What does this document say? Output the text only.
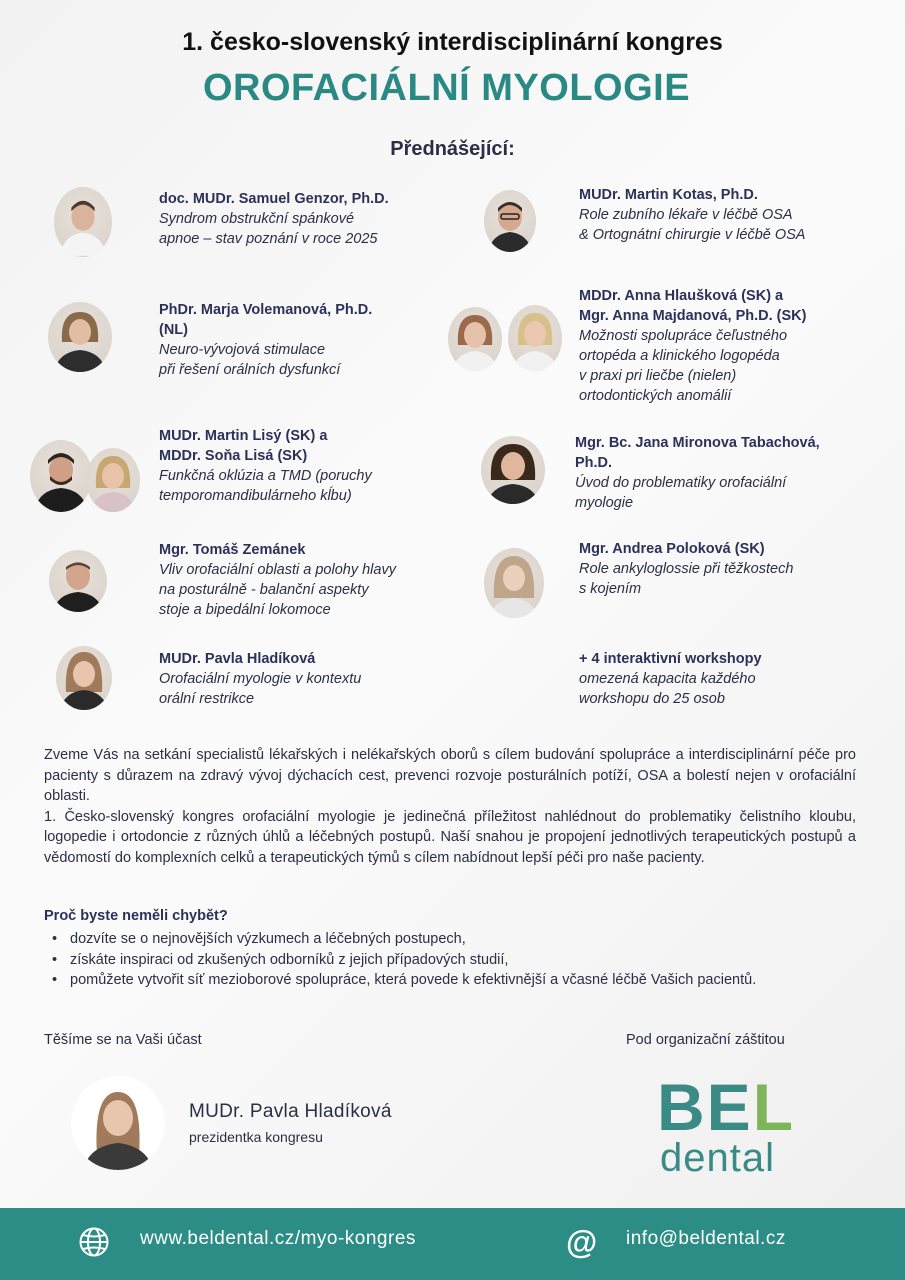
1. česko-slovenský interdisciplinární kongres
OROFACIÁLNÍ MYOLOGIE
Přednášející:
doc. MUDr. Samuel Genzor, Ph.D.
Syndrom obstrukční spánkové
apnoe – stav poznání v roce 2025
MUDr. Martin Kotas, Ph.D.
Role zubního lékaře v léčbě OSA
& Ortognátní chirurgie v léčbě OSA
PhDr. Marja Volemanová, Ph.D.
(NL)
Neuro-vývojová stimulace
při řešení orálních dysfunkcí
MDDr. Anna Hlaušková (SK) a
Mgr. Anna Majdanová, Ph.D. (SK)
Možnosti spolupráce čeľustného
ortopéda a klinického logopéda
v praxi pri liečbe (nielen)
ortodontických anomálií
MUDr. Martin Lisý (SK) a
MDDr. Soňa Lisá (SK)
Funkčná oklúzia a TMD (poruchy
temporomandibulárneho kĺbu)
Mgr. Bc. Jana Mironova Tabachová,
Ph.D.
Úvod do problematiky orofaciální
myologie
Mgr. Tomáš Zemánek
Vliv orofaciální oblasti a polohy hlavy
na posturálně - balanční aspekty
stoje a bipedální lokomoce
Mgr. Andrea Poloková (SK)
Role ankyloglossie při těžkostech
s kojením
MUDr. Pavla Hladíková
Orofaciální myologie v kontextu
orální restrikce
+ 4 interaktivní workshopy
omezená kapacita každého
workshopu do 25 osob

Zveme Vás na setkání specialistů lékařských i nelékařských oborů s cílem budování spolupráce a interdisciplinární péče pro pacienty s důrazem na zdravý vývoj dýchacích cest, prevenci rozvoje posturálních potíží, OSA a bolestí nejen v orofaciální oblasti.

1. Česko-slovenský kongres orofaciální myologie je jedinečná příležitost nahlédnout do problematiky čelistního kloubu, logopedie i ortodoncie z různých úhlů a léčebných postupů. Naší snahou je propojení jednotlivých terapeutických postupů a vědomostí do komplexních celků a terapeutických týmů s cílem nabídnout lepší péči pro naše pacienty.

Proč byste neměli chybět?
• dozvíte se o nejnovějších výzkumech a léčebných postupech,
• získáte inspiraci od zkušených odborníků z jejich případových studií,
• pomůžete vytvořit síť mezioborové spolupráce, která povede k efektivnější a včasné léčbě Vašich pacientů.
Těšíme se na Vaši účast	Pod organizační záštitou
MUDr. Pavla Hladíková
prezidentka kongresu	BEL
dental
www.beldental.cz/myo-kongres	@ info@beldental.cz
